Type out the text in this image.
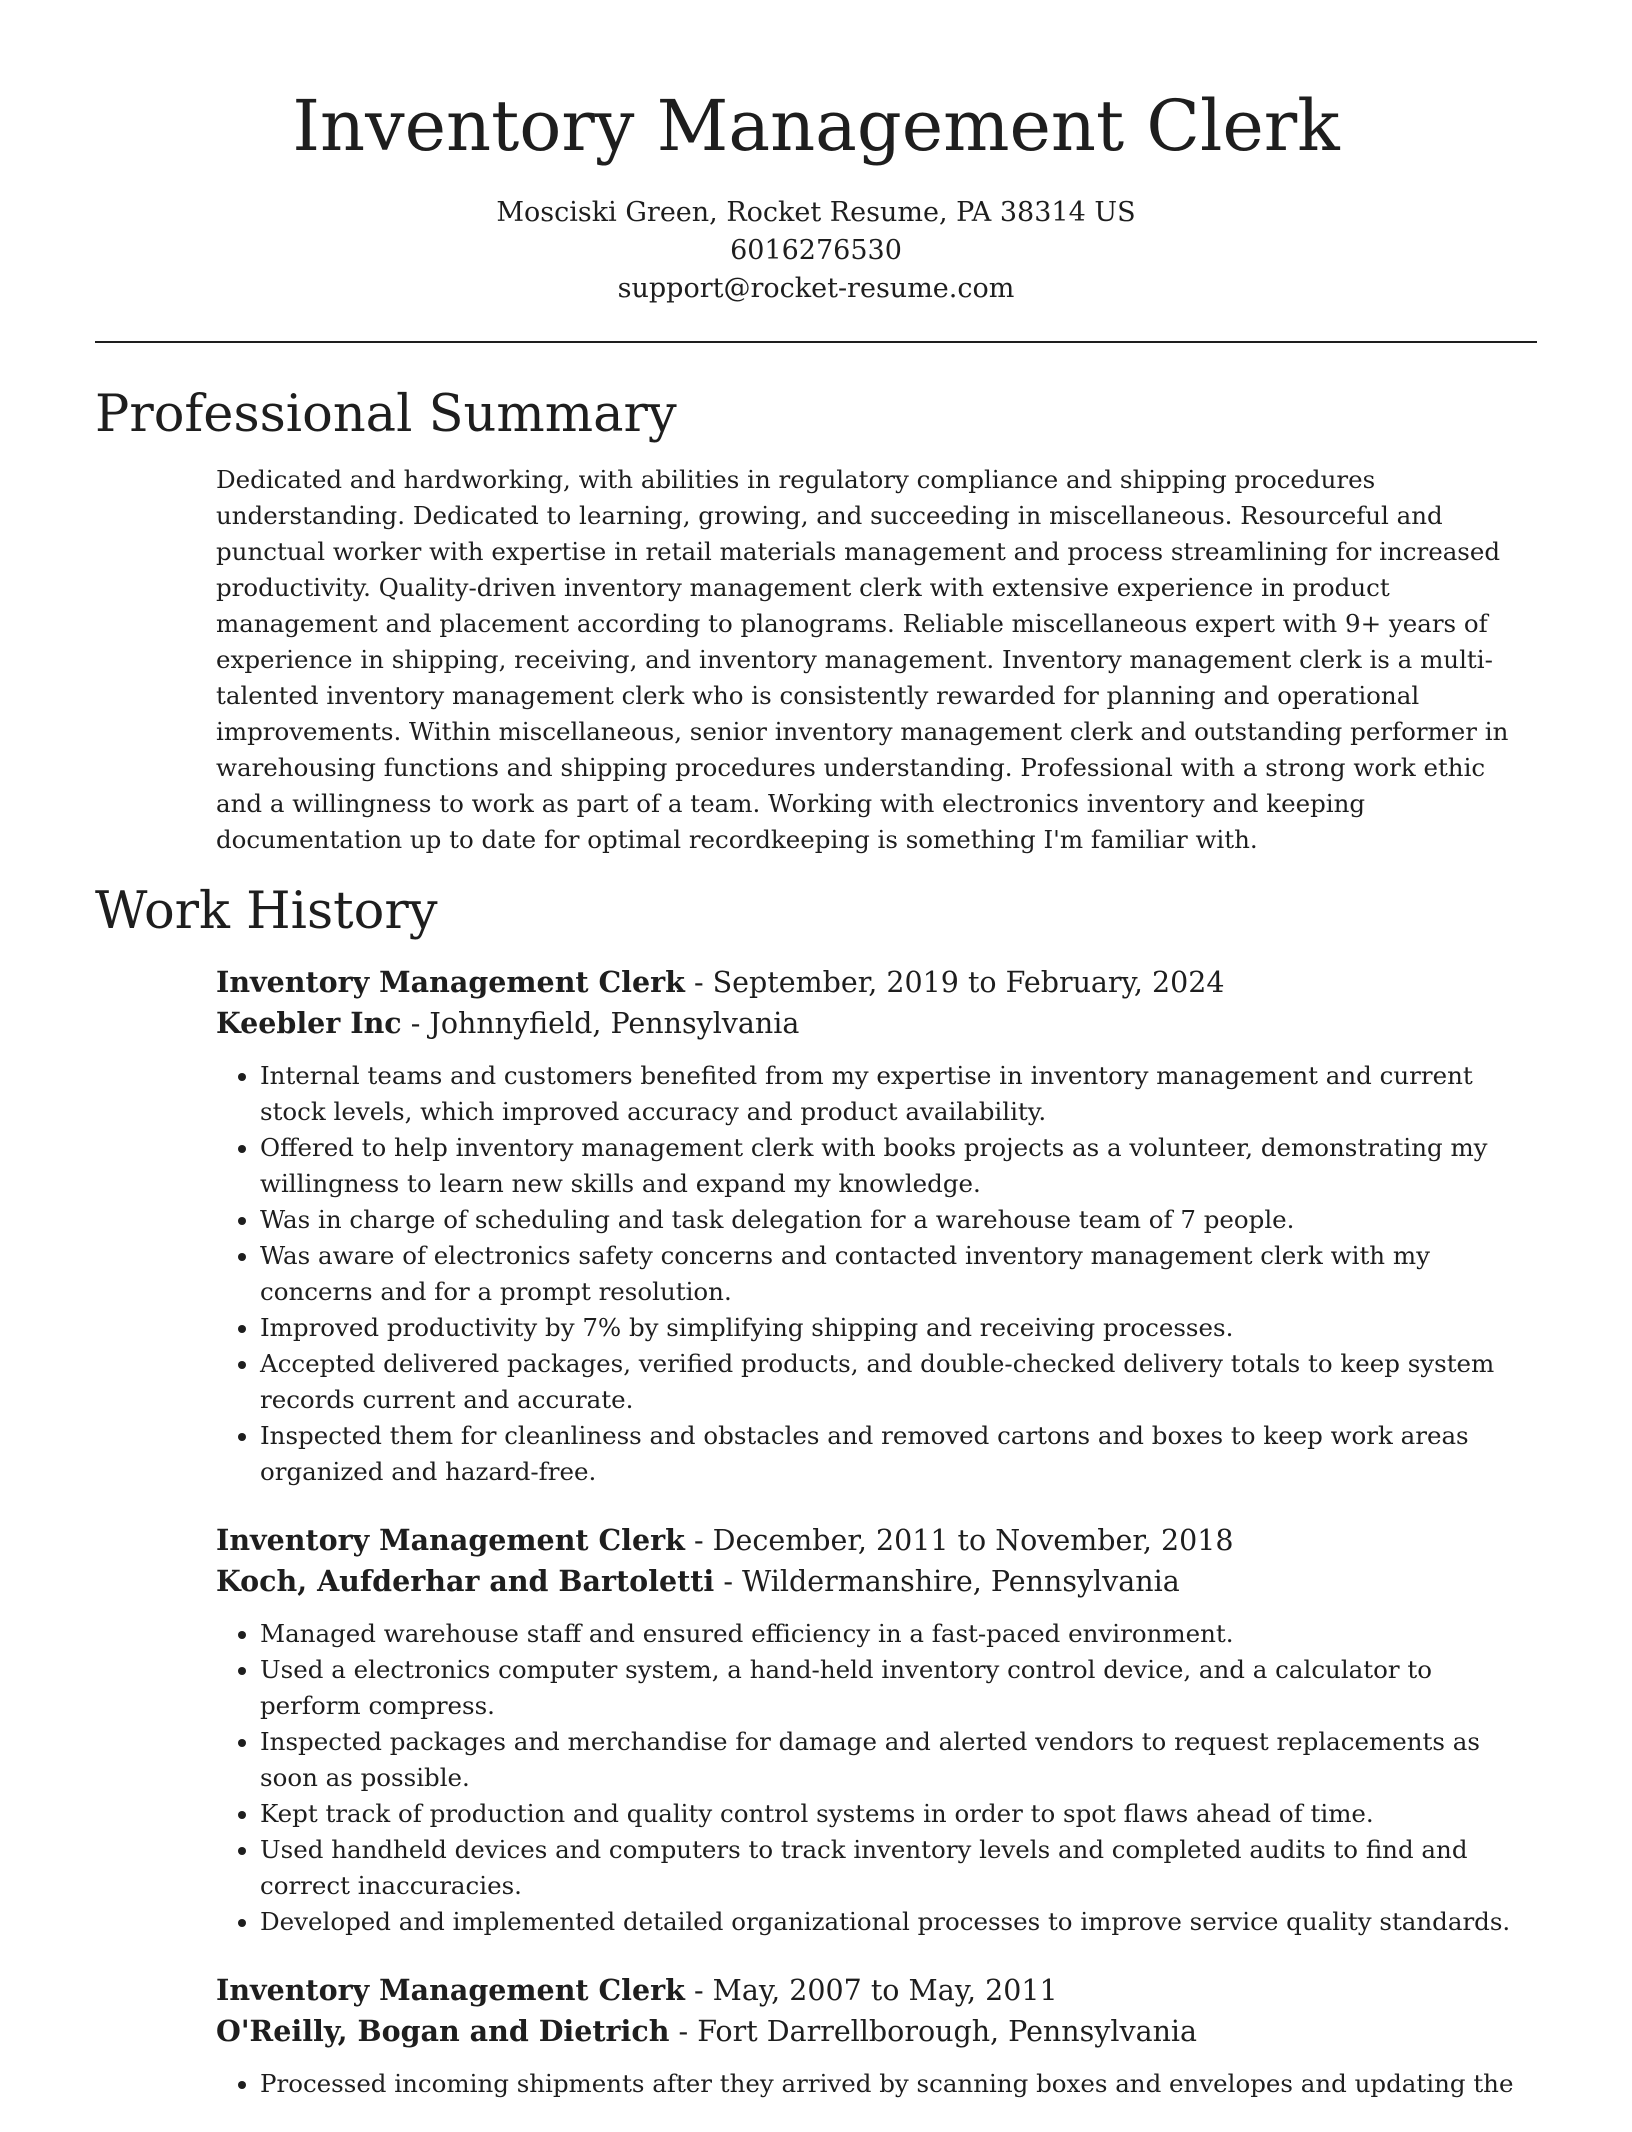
Inventory Management Clerk
Mosciski Green, Rocket Resume, PA 38314 US
6016276530
support@rocket-resume.com
Professional Summary

Dedicated and hardworking, with abilities in regulatory compliance and shipping procedures understanding. Dedicated to learning, growing, and succeeding in miscellaneous. Resourceful and punctual worker with expertise in retail materials management and process streamlining for increased productivity. Quality-driven inventory management clerk with extensive experience in product management and placement according to planograms. Reliable miscellaneous expert with 9+ years of experience in shipping, receiving, and inventory management. Inventory management clerk is a multi-talented inventory management clerk who is consistently rewarded for planning and operational improvements. Within miscellaneous, senior inventory management clerk and outstanding performer in warehousing functions and shipping procedures understanding. Professional with a strong work ethic and a willingness to work as part of a team. Working with electronics inventory and keeping documentation up to date for optimal recordkeeping is something I'm familiar with.

Work History
Inventory Management Clerk - September, 2019 to February, 2024
Keebler Inc - Johnnyfield, Pennsylvania
• Internal teams and customers benefited from my expertise in inventory management and current stock levels, which improved accuracy and product availability.
• Offered to help inventory management clerk with books projects as a volunteer, demonstrating my willingness to learn new skills and expand my knowledge.
• Was in charge of scheduling and task delegation for a warehouse team of 7 people.
• Was aware of electronics safety concerns and contacted inventory management clerk with my concerns and for a prompt resolution.
• Improved productivity by 7% by simplifying shipping and receiving processes.
• Accepted delivered packages, verified products, and double-checked delivery totals to keep system records current and accurate.
• Inspected them for cleanliness and obstacles and removed cartons and boxes to keep work areas organized and hazard-free.
Inventory Management Clerk - December, 2011 to November, 2018
Koch, Aufderhar and Bartoletti - Wildermanshire, Pennsylvania
• Managed warehouse staff and ensured efficiency in a fast-paced environment.
• Used a electronics computer system, a hand-held inventory control device, and a calculator to perform compress.
• Inspected packages and merchandise for damage and alerted vendors to request replacements as soon as possible.
• Kept track of production and quality control systems in order to spot flaws ahead of time.
• Used handheld devices and computers to track inventory levels and completed audits to find and correct inaccuracies.
• Developed and implemented detailed organizational processes to improve service quality standards.
Inventory Management Clerk - May, 2007 to May, 2011
O'Reilly, Bogan and Dietrich - Fort Darrellborough, Pennsylvania
• Processed incoming shipments after they arrived by scanning boxes and envelopes and updating the
